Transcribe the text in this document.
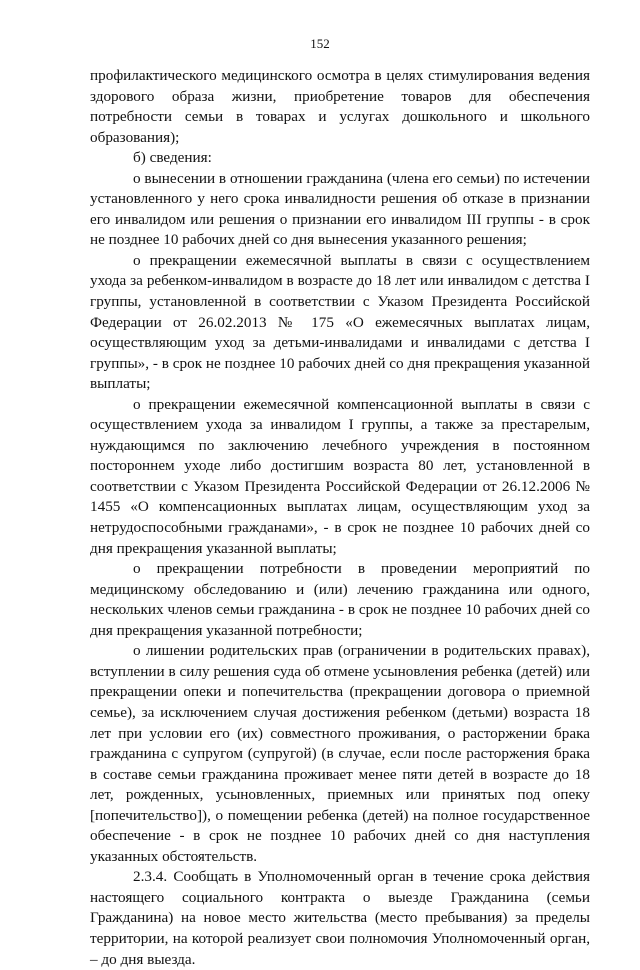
152

профилактического медицинского осмотра в целях стимулирования ведения здорового образа жизни, приобретение товаров для обеспечения потребности семьи в товарах и услугах дошкольного и школьного образования);

б) сведения:

о вынесении в отношении гражданина (члена его семьи) по истечении установленного у него срока инвалидности решения об отказе в признании его инвалидом или решения о признании его инвалидом III группы - в срок не позднее 10 рабочих дней со дня вынесения указанного решения;

о прекращении ежемесячной выплаты в связи с осуществлением ухода за ребенком-инвалидом в возрасте до 18 лет или инвалидом с детства I группы, установленной в соответствии с Указом Президента Российской Федерации от 26.02.2013 № 175 «О ежемесячных выплатах лицам, осуществляющим уход за детьми-инвалидами и инвалидами с детства I группы», - в срок не позднее 10 рабочих дней со дня прекращения указанной выплаты;

о прекращении ежемесячной компенсационной выплаты в связи с осуществлением ухода за инвалидом I группы, а также за престарелым, нуждающимся по заключению лечебного учреждения в постоянном постороннем уходе либо достигшим возраста 80 лет, установленной в соответствии с Указом Президента Российской Федерации от 26.12.2006 № 1455 «О компенсационных выплатах лицам, осуществляющим уход за нетрудоспособными гражданами», - в срок не позднее 10 рабочих дней со дня прекращения указанной выплаты;

о прекращении потребности в проведении мероприятий по медицинскому обследованию и (или) лечению гражданина или одного, нескольких членов семьи гражданина - в срок не позднее 10 рабочих дней со дня прекращения указанной потребности;

о лишении родительских прав (ограничении в родительских правах), вступлении в силу решения суда об отмене усыновления ребенка (детей) или прекращении опеки и попечительства (прекращении договора о приемной семье), за исключением случая достижения ребенком (детьми) возраста 18 лет при условии его (их) совместного проживания, о расторжении брака гражданина с супругом (супругой) (в случае, если после расторжения брака в составе семьи гражданина проживает менее пяти детей в возрасте до 18 лет, рожденных, усыновленных, приемных или принятых под опеку [попечительство]), о помещении ребенка (детей) на полное государственное обеспечение - в срок не позднее 10 рабочих дней со дня наступления указанных обстоятельств.

2.3.4. Сообщать в Уполномоченный орган в течение срока действия настоящего социального контракта о выезде Гражданина (семьи Гражданина) на новое место жительства (место пребывания) за пределы территории, на которой реализует свои полномочия Уполномоченный орган, – до дня выезда.
